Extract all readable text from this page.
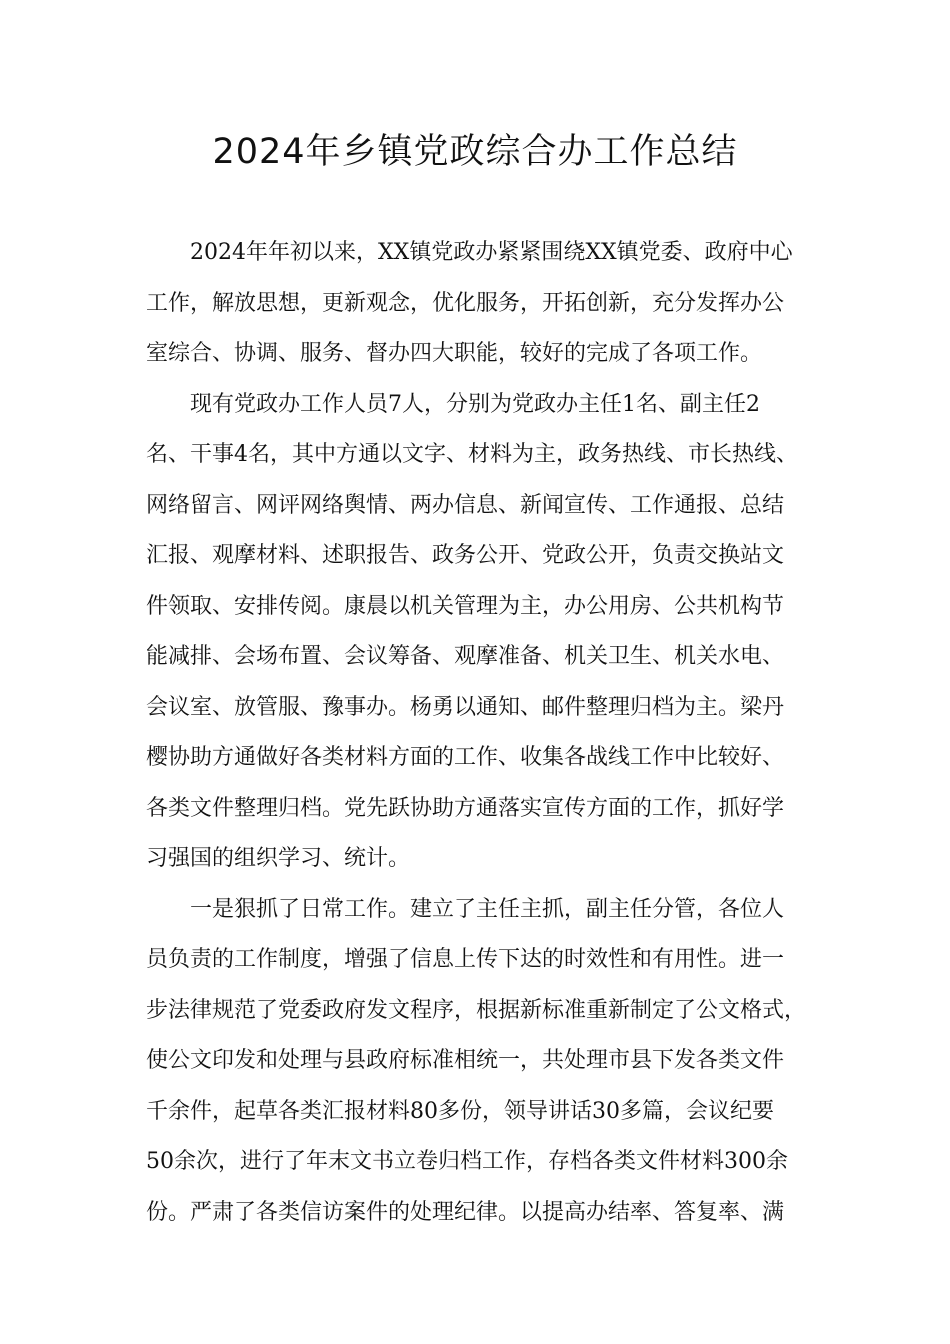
2024年乡镇党政综合办工作总结
2024年年初以来，XX镇党政办紧紧围绕XX镇党委、政府中心
工作，解放思想，更新观念，优化服务，开拓创新，充分发挥办公
室综合、协调、服务、督办四大职能，较好的完成了各项工作。
现有党政办工作人员7人，分别为党政办主任1名、副主任2
名、干事4名，其中方通以文字、材料为主，政务热线、市长热线、
网络留言、网评网络舆情、两办信息、新闻宣传、工作通报、总结
汇报、观摩材料、述职报告、政务公开、党政公开，负责交换站文
件领取、安排传阅。康晨以机关管理为主，办公用房、公共机构节
能减排、会场布置、会议筹备、观摩准备、机关卫生、机关水电、
会议室、放管服、豫事办。杨勇以通知、邮件整理归档为主。梁丹
樱协助方通做好各类材料方面的工作、收集各战线工作中比较好、
各类文件整理归档。党先跃协助方通落实宣传方面的工作，抓好学
习强国的组织学习、统计。
一是狠抓了日常工作。建立了主任主抓，副主任分管，各位人
员负责的工作制度，增强了信息上传下达的时效性和有用性。进一
步法律规范了党委政府发文程序，根据新标准重新制定了公文格式，
使公文印发和处理与县政府标准相统一，共处理市县下发各类文件
千余件，起草各类汇报材料80多份，领导讲话30多篇，会议纪要
50余次，进行了年末文书立卷归档工作，存档各类文件材料300余
份。严肃了各类信访案件的处理纪律。以提高办结率、答复率、满
